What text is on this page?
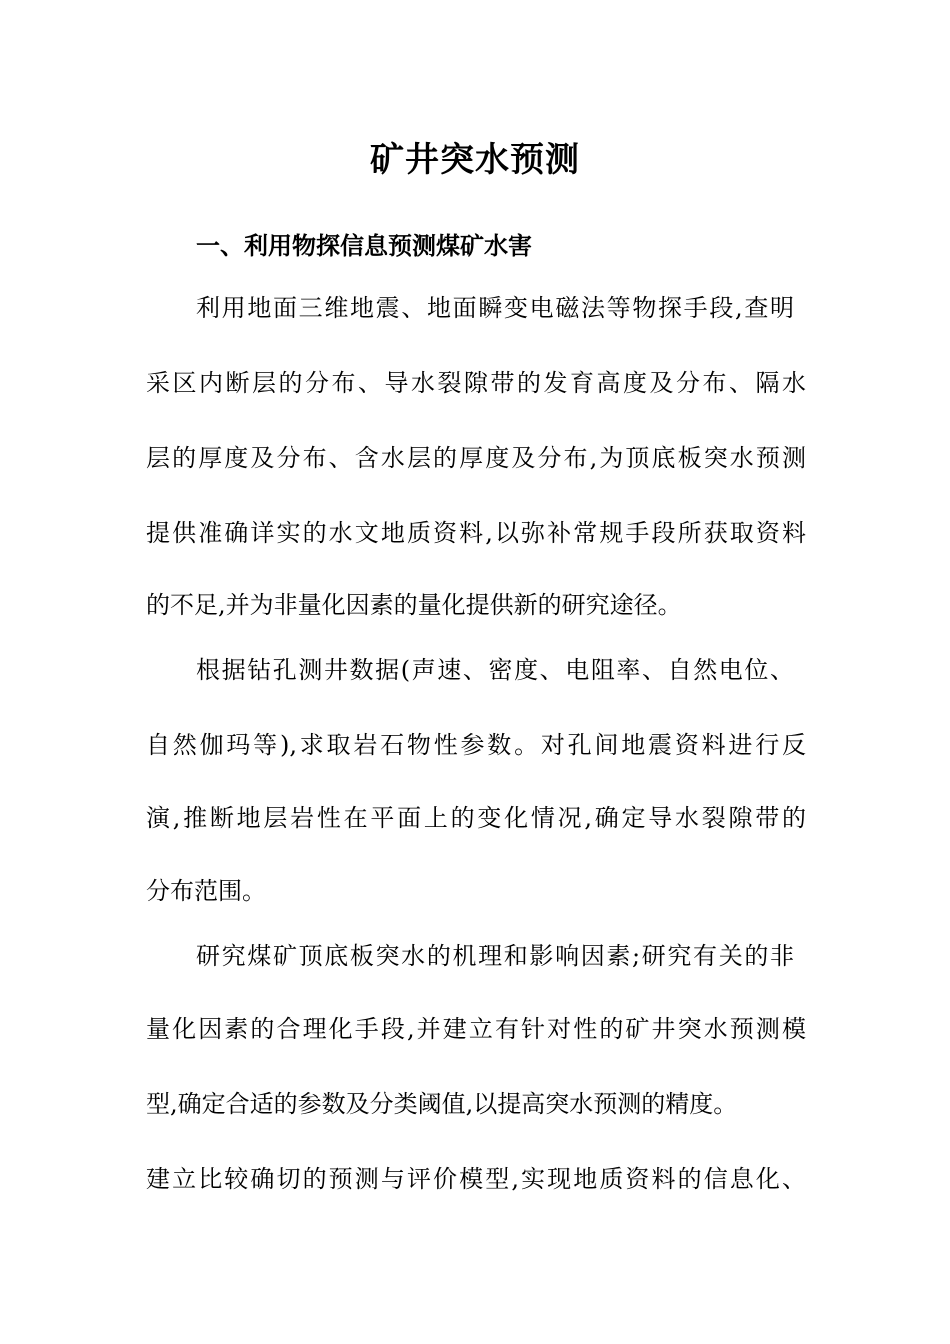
矿井突水预测
一、利用物探信息预测煤矿水害
利用地面三维地震、地面瞬变电磁法等物探手段,查明
采区内断层的分布、导水裂隙带的发育高度及分布、隔水
层的厚度及分布、含水层的厚度及分布,为顶底板突水预测
提供准确详实的水文地质资料,以弥补常规手段所获取资料
的不足,并为非量化因素的量化提供新的研究途径。
根据钻孔测井数据(声速、密度、电阻率、自然电位、
自然伽玛等),求取岩石物性参数。对孔间地震资料进行反
演,推断地层岩性在平面上的变化情况,确定导水裂隙带的
分布范围。
研究煤矿顶底板突水的机理和影响因素;研究有关的非
量化因素的合理化手段,并建立有针对性的矿井突水预测模
型,确定合适的参数及分类阈值,以提高突水预测的精度。
建立比较确切的预测与评价模型,实现地质资料的信息化、
